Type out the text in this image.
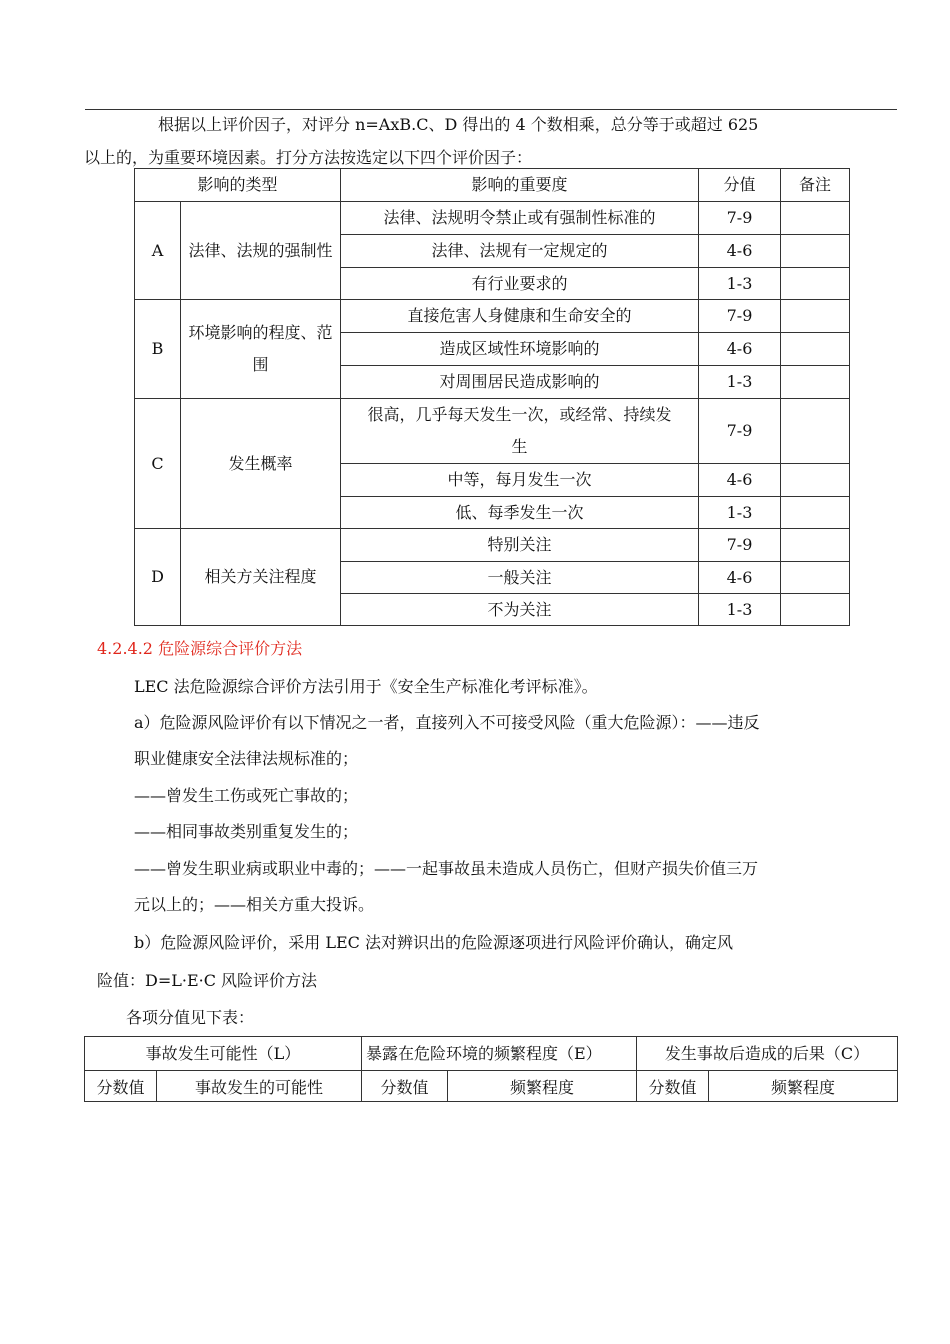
根据以上评价因子，对评分 n=AxB.C、D 得出的 4 个数相乘，总分等于或超过 625
以上的，为重要环境因素。打分方法按选定以下四个评价因子：
影响的类型		影响的重要度	分值	备注
A	法律、法规的强制性	法律、法规明令禁止或有强制性标准的	7-9	
		法律、法规有一定规定的	4-6	
		有行业要求的	1-3	
B	环境影响的程度、范围	直接危害人身健康和生命安全的	7-9	
		造成区域性环境影响的	4-6	
		对周围居民造成影响的	1-3	
C	发生概率	很高，几乎每天发生一次，或经常、持续发生	7-9	
		中等，每月发生一次	4-6	
		低、每季发生一次	1-3	
D	相关方关注程度	特别关注	7-9	
		一般关注	4-6	
		不为关注	1-3	
4.2.4.2 危险源综合评价方法
LEC 法危险源综合评价方法引用于《安全生产标准化考评标准》。
a）危险源风险评价有以下情况之一者，直接列入不可接受风险（重大危险源）：——违反
职业健康安全法律法规标准的；
——曾发生工伤或死亡事故的；
——相同事故类别重复发生的；
——曾发生职业病或职业中毒的；——一起事故虽未造成人员伤亡，但财产损失价值三万
元以上的；——相关方重大投诉。
b）危险源风险评价，采用 LEC 法对辨识出的危险源逐项进行风险评价确认，确定风
险值：D=L·E·C 风险评价方法
各项分值见下表：
事故发生可能性（L）		暴露在危险环境的频繁程度（E）		发生事故后造成的后果（C）	

分数值	事故发生的可能性	分数值	频繁程度	分数值	频繁程度
